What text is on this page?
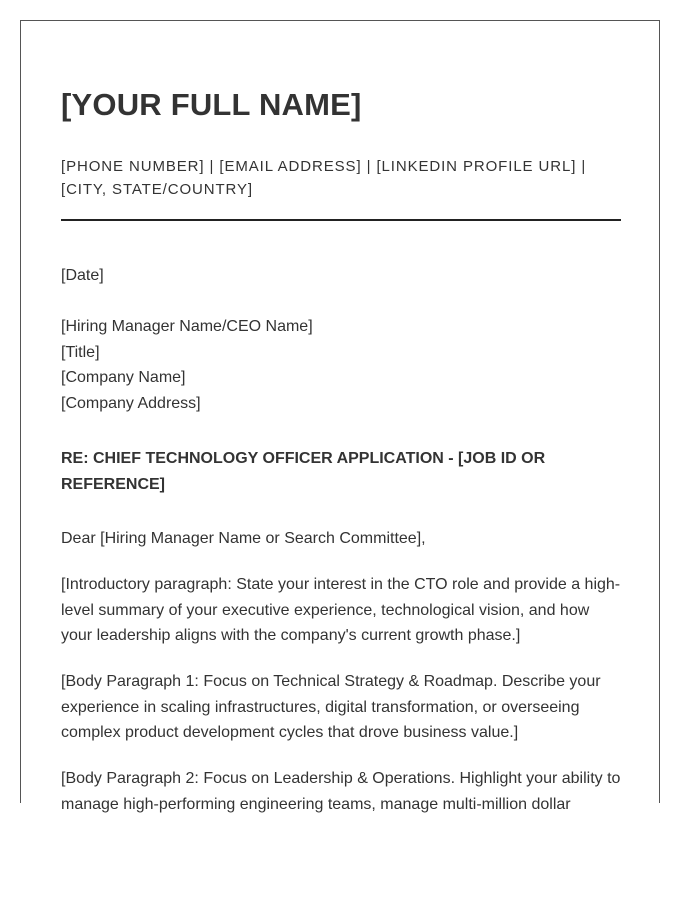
[YOUR FULL NAME]
[PHONE NUMBER] | [EMAIL ADDRESS] | [LINKEDIN PROFILE URL] |
[CITY, STATE/COUNTRY]
[Date]
[Hiring Manager Name/CEO Name]
[Title]
[Company Name]
[Company Address]
RE: CHIEF TECHNOLOGY OFFICER APPLICATION - [JOB ID OR REFERENCE]
Dear [Hiring Manager Name or Search Committee],
[Introductory paragraph: State your interest in the CTO role and provide a high-level summary of your executive experience, technological vision, and how your leadership aligns with the company's current growth phase.]
[Body Paragraph 1: Focus on Technical Strategy & Roadmap. Describe your experience in scaling infrastructures, digital transformation, or overseeing complex product development cycles that drove business value.]
[Body Paragraph 2: Focus on Leadership & Operations. Highlight your ability to manage high-performing engineering teams, manage multi-million dollar
